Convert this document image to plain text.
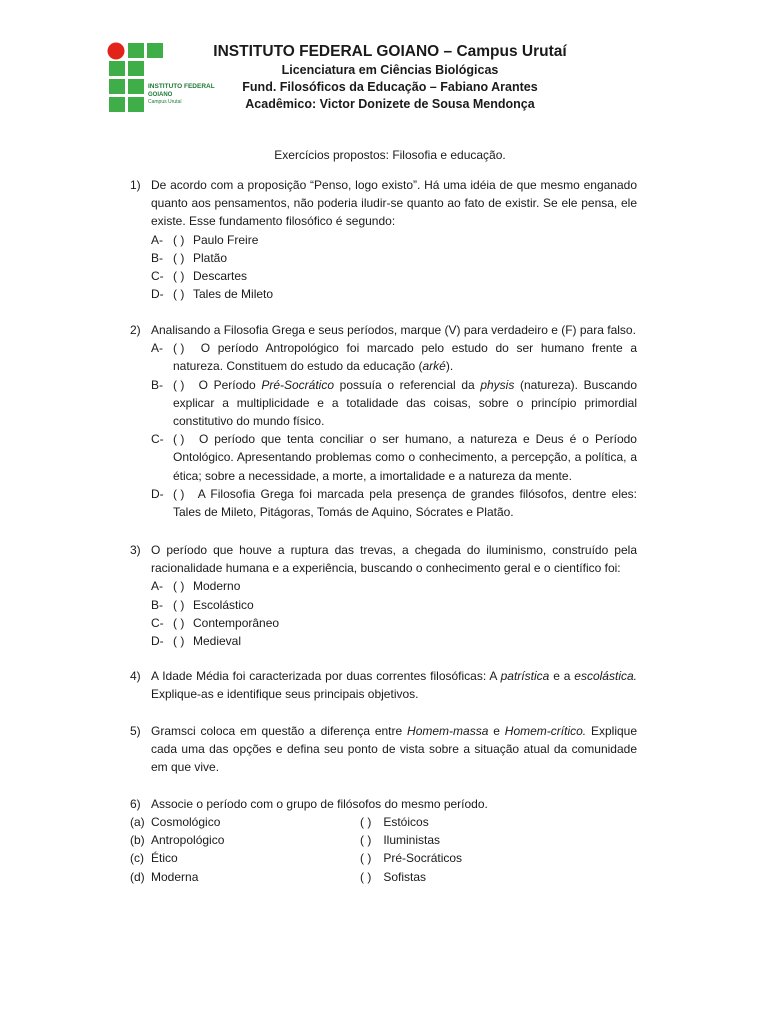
INSTITUTO FEDERAL
GOIANO
Campus Urutaí
INSTITUTO FEDERAL GOIANO – Campus Urutaí
Licenciatura em Ciências Biológicas
Fund. Filosóficos da Educação – Fabiano Arantes
Acadêmico: Victor Donizete de Sousa Mendonça
Exercícios propostos: Filosofia e educação.
1) De acordo com a proposição “Penso, logo existo”. Há uma idéia de que mesmo enganado quanto aos pensamentos, não poderia iludir-se quanto ao fato de existir. Se ele pensa, ele existe. Esse fundamento filosófico é segundo:
A- ( ) Paulo Freire
B- ( ) Platão
C- ( ) Descartes
D- ( ) Tales de Mileto
2) Analisando a Filosofia Grega e seus períodos, marque (V) para verdadeiro e (F) para falso.
A- ( ) O período Antropológico foi marcado pelo estudo do ser humano frente a natureza. Constituem do estudo da educação (arké).
B- ( ) O Período Pré-Socrático possuía o referencial da physis (natureza). Buscando explicar a multiplicidade e a totalidade das coisas, sobre o princípio primordial constitutivo do mundo físico.
C- ( ) O período que tenta conciliar o ser humano, a natureza e Deus é o Período Ontológico. Apresentando problemas como o conhecimento, a percepção, a política, a ética; sobre a necessidade, a morte, a imortalidade e a natureza da mente.
D- ( ) A Filosofia Grega foi marcada pela presença de grandes filósofos, dentre eles: Tales de Mileto, Pitágoras, Tomás de Aquino, Sócrates e Platão.
3) O período que houve a ruptura das trevas, a chegada do iluminismo, construído pela racionalidade humana e a experiência, buscando o conhecimento geral e o científico foi:
A- ( ) Moderno
B- ( ) Escolástico
C- ( ) Contemporâneo
D- ( ) Medieval
4) A Idade Média foi caracterizada por duas correntes filosóficas: A patrística e a escolástica. Explique-as e identifique seus principais objetivos.
5) Gramsci coloca em questão a diferença entre Homem-massa e Homem-crítico. Explique cada uma das opções e defina seu ponto de vista sobre a situação atual da comunidade em que vive.
6) Associe o período com o grupo de filósofos do mesmo período.
(a) Cosmológico	( ) Estóicos
(b) Antropológico	( ) Iluministas
(c) Ético	( ) Pré-Socráticos
(d) Moderna	( ) Sofistas
